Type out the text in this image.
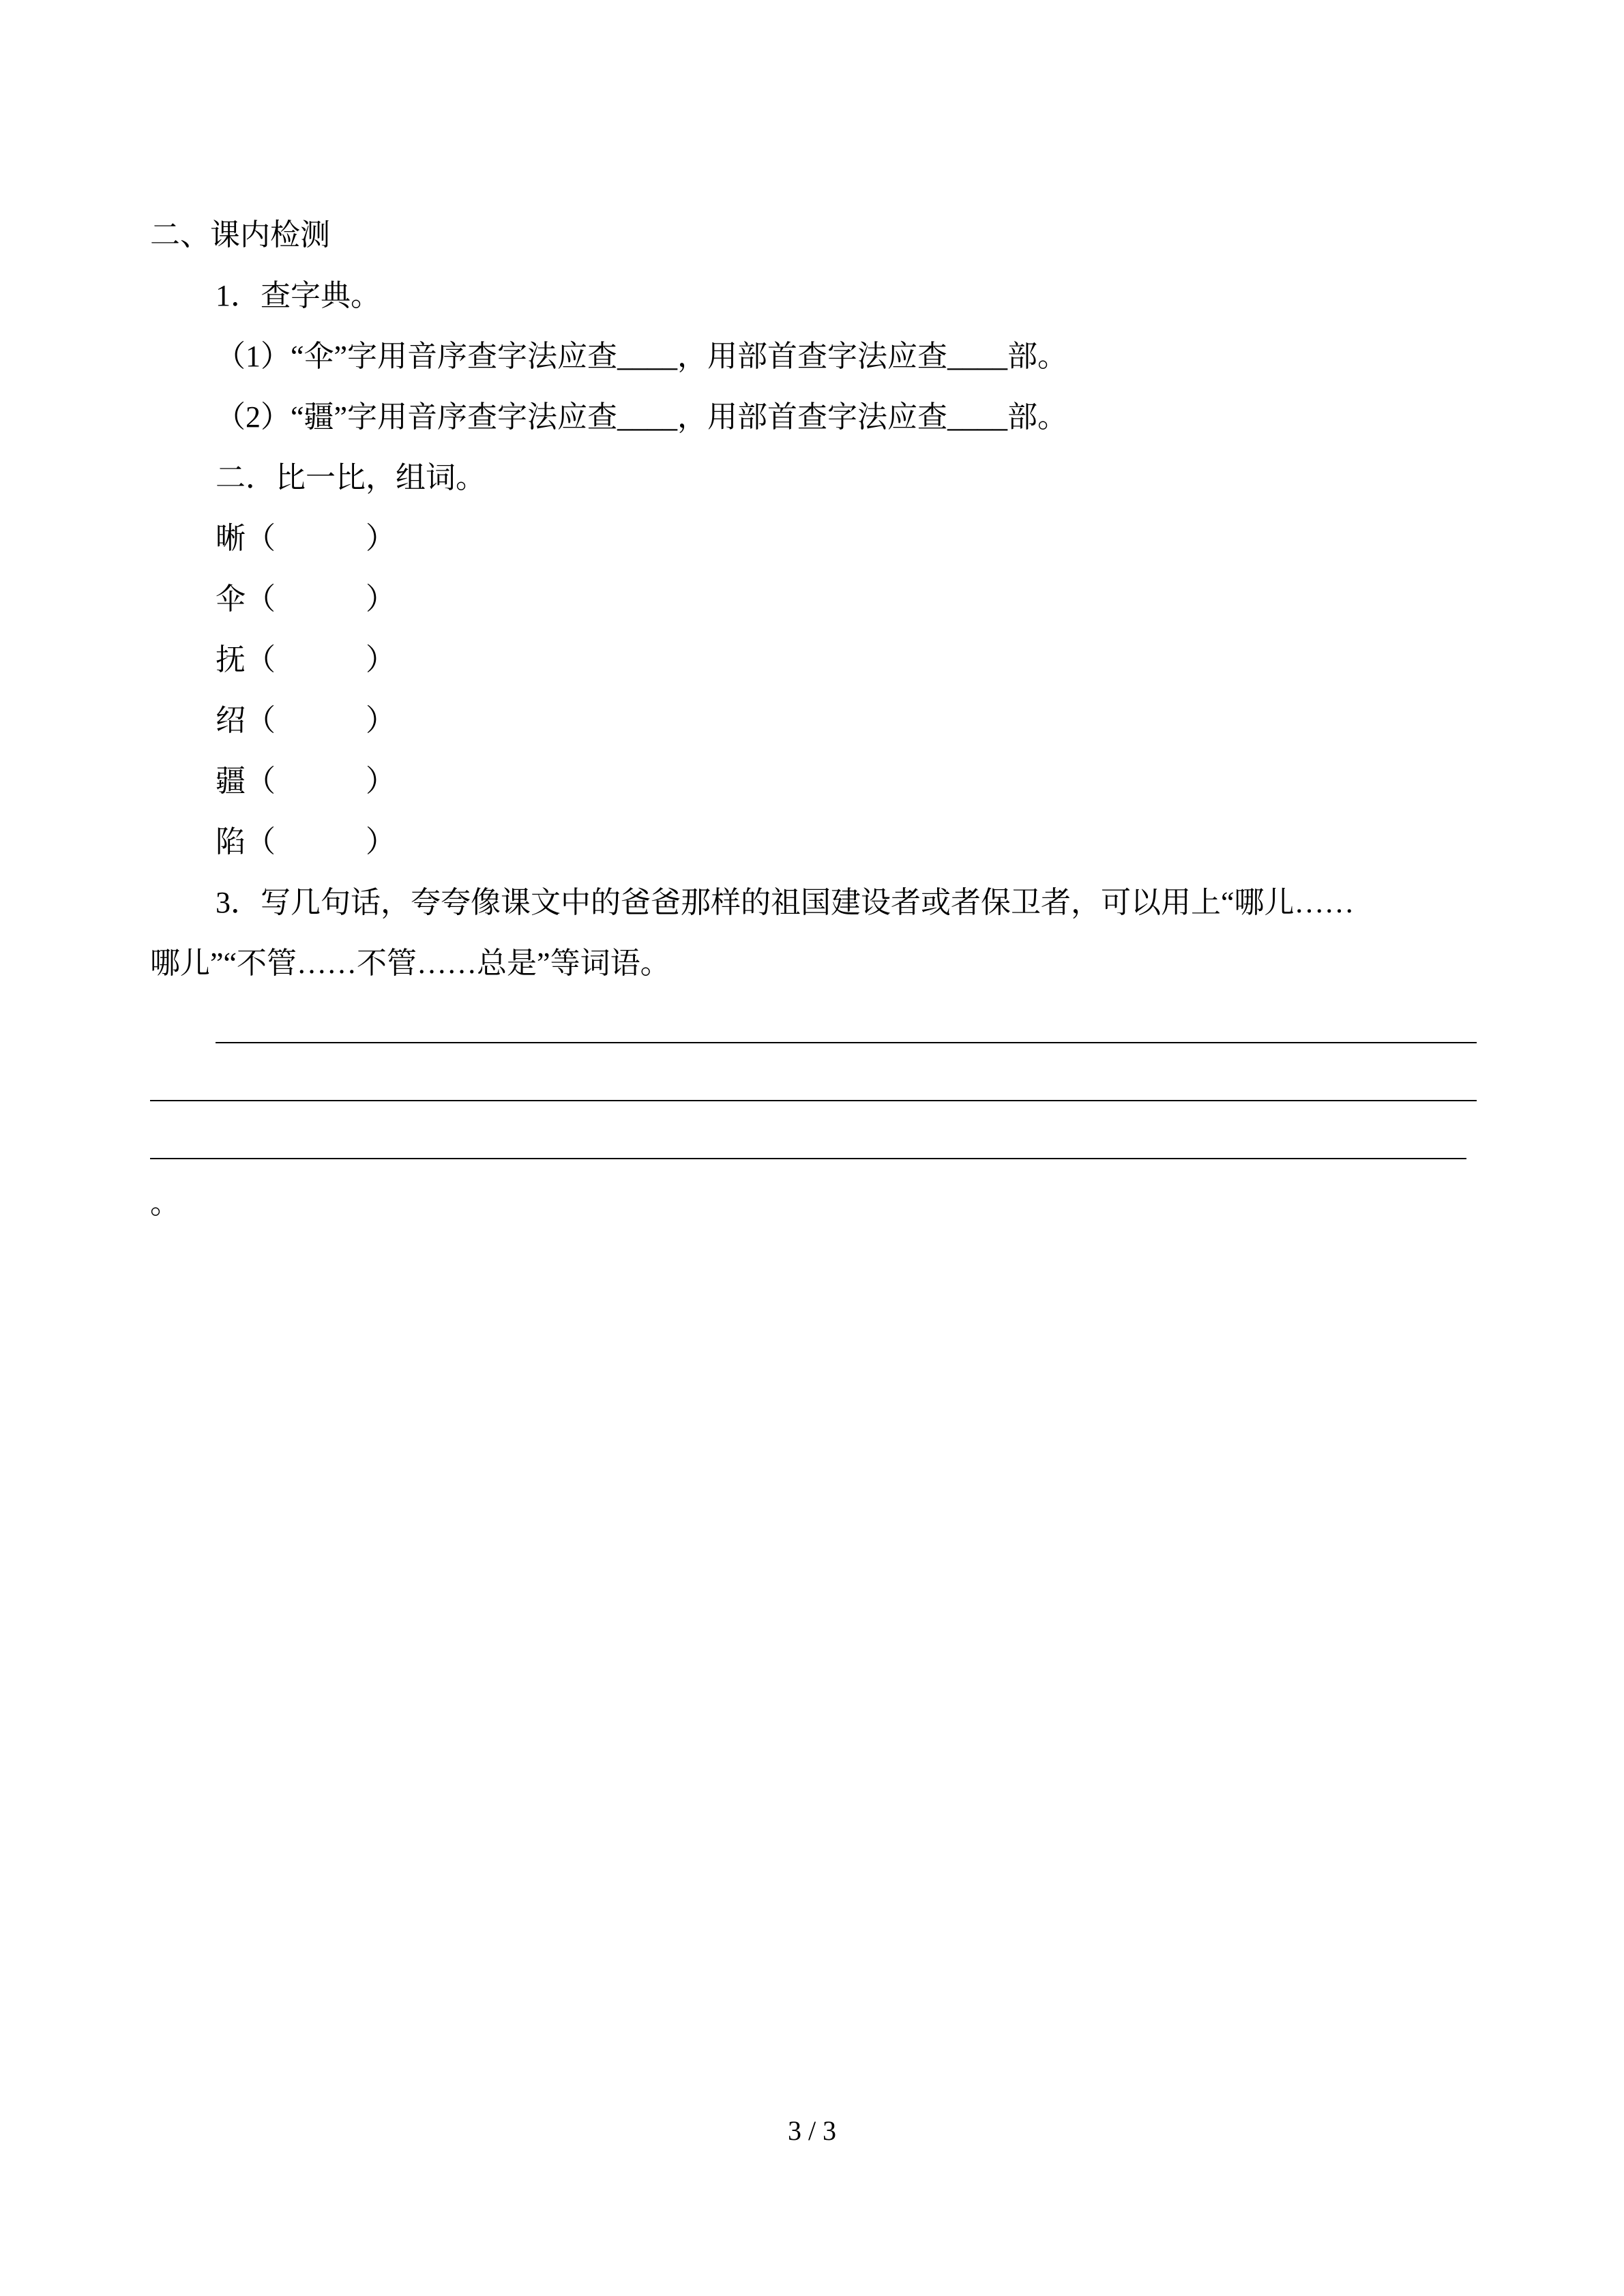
二、课内检测

1．查字典。

（1）“伞”字用音序查字法应查____，用部首查字法应查____部。

（2）“疆”字用音序查字法应查____，用部首查字法应查____部。

二．比一比，组词。

晰（　　　）

伞（　　　）

抚（　　　）

绍（　　　）

疆（　　　）

陷（　　　）

3．写几句话，夸夸像课文中的爸爸那样的祖国建设者或者保卫者，可以用上“哪儿……

哪儿”“不管……不管……总是”等词语。

。

3 / 3
